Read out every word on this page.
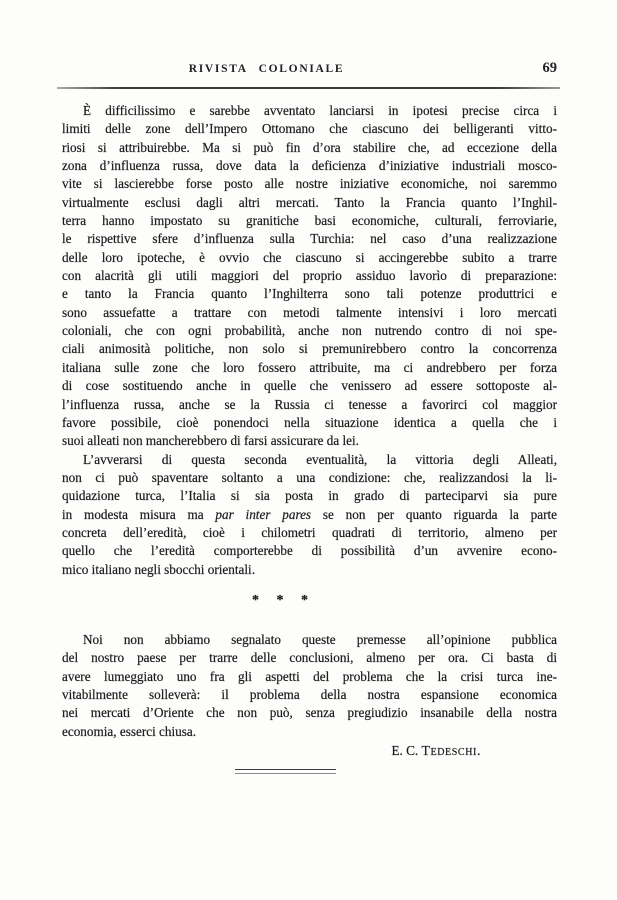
RIVISTA COLONIALE	69
È difficilissimo e sarebbe avventato lanciarsi in ipotesi precise circa i
limiti delle zone dell’Impero Ottomano che ciascuno dei belligeranti vitto-
riosi si attribuirebbe. Ma si può fin d’ora stabilire che, ad eccezione della
zona d’influenza russa, dove data la deficienza d’iniziative industriali mosco-
vite si lascierebbe forse posto alle nostre iniziative economiche, noi saremmo
virtualmente esclusi dagli altri mercati. Tanto la Francia quanto l’Inghil-
terra hanno impostato su granitiche basi economiche, culturali, ferroviarie,
le rispettive sfere d’influenza sulla Turchia: nel caso d’una realizzazione
delle loro ipoteche, è ovvio che ciascuno si accingerebbe subito a trarre
con alacrità gli utili maggiori del proprio assiduo lavorìo di preparazione:
e tanto la Francia quanto l’Inghilterra sono tali potenze produttrici e
sono assuefatte a trattare con metodi talmente intensivi i loro mercati
coloniali, che con ogni probabilità, anche non nutrendo contro di noi spe-
ciali animosità politiche, non solo si premunirebbero contro la concorrenza
italiana sulle zone che loro fossero attribuite, ma ci andrebbero per forza
di cose sostituendo anche in quelle che venissero ad essere sottoposte al-
l’influenza russa, anche se la Russia ci tenesse a favorirci col maggior
favore possibile, cioè ponendoci nella situazione identica a quella che i
suoi alleati non mancherebbero di farsi assicurare da lei.
L’avverarsi di questa seconda eventualità, la vittoria degli Alleati,
non ci può spaventare soltanto a una condizione: che, realizzandosi la li-
quidazione turca, l’Italia si sia posta in grado di parteciparvi sia pure
in modesta misura ma par inter pares se non per quanto riguarda la parte
concreta dell’eredità, cioè i chilometri quadrati di territorio, almeno per
quello che l’eredità comporterebbe di possibilità d’un avvenire econo-
mico italiano negli sbocchi orientali.
* * *
Noi non abbiamo segnalato queste premesse all’opinione pubblica
del nostro paese per trarre delle conclusioni, almeno per ora. Ci basta di
avere lumeggiato uno fra gli aspetti del problema che la crisi turca ine-
vitabilmente solleverà: il problema della nostra espansione economica
nei mercati d’Oriente che non può, senza pregiudizio insanabile della nostra
economia, esserci chiusa.
E. C. Tedeschi.
